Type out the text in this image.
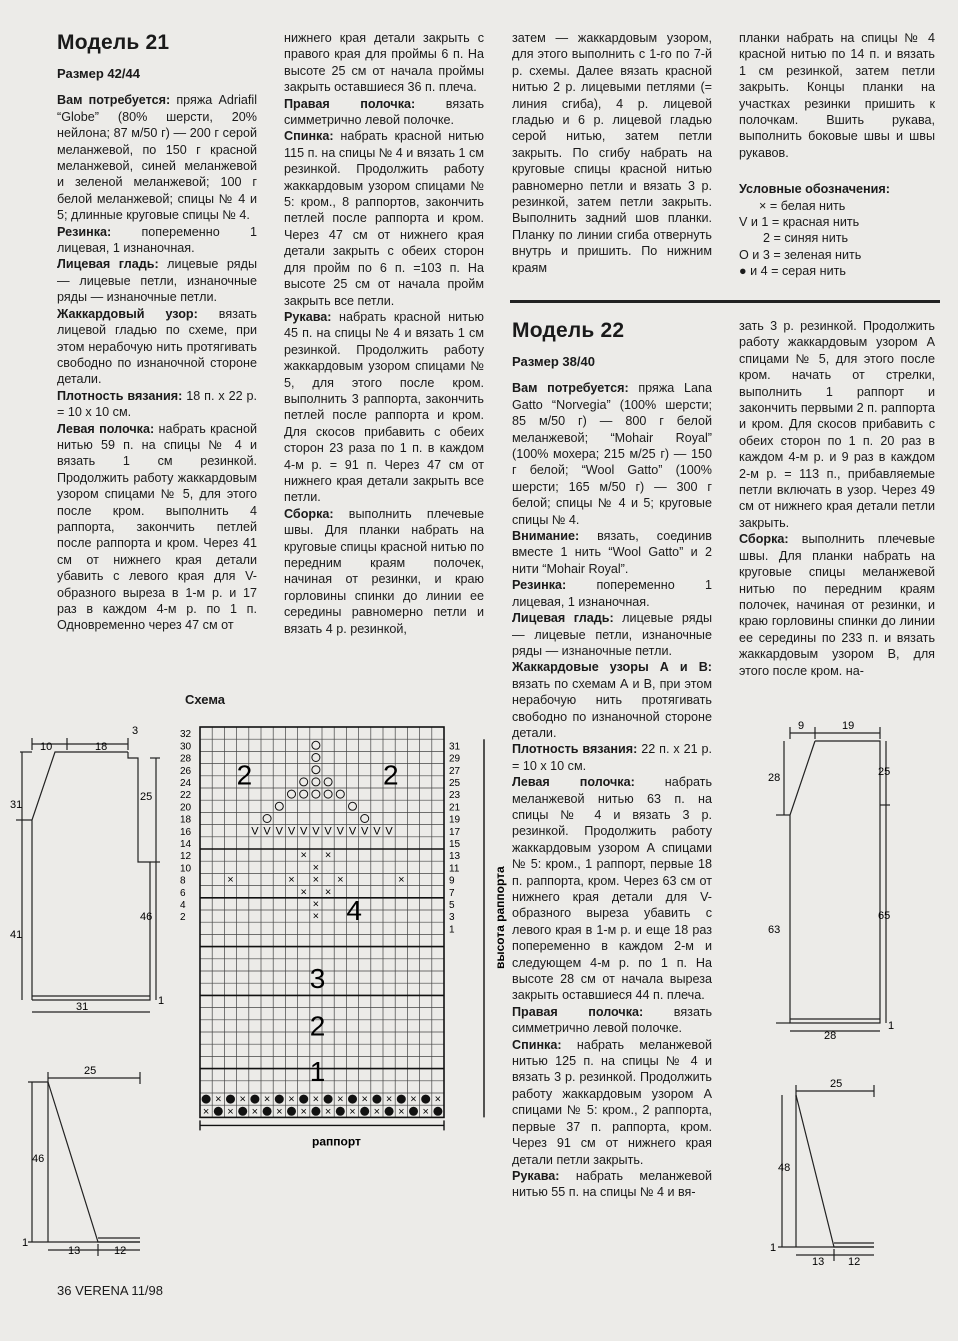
Модель 21
Размер 42/44

Вам потребуется: пряжа Adriafil “Globe” (80% шерсти, 20% нейлона; 87 м/50 г) — 200 г серой меланжевой, по 150 г красной меланжевой, синей меланжевой и зеленой меланжевой; 100 г белой меланжевой; спицы № 4 и 5; длинные круговые спицы № 4.

Резинка: попеременно 1 лицевая, 1 изнаночная.

Лицевая гладь: лицевые ряды — лицевые петли, изнаночные ряды — изнаночные петли.

Жаккардовый узор: вязать лицевой гладью по схеме, при этом нерабочую нить протягивать свободно по изнаночной стороне детали.

Плотность вязания: 18 п. х 22 р. = 10 х 10 см.

Левая полочка: набрать красной нитью 59 п. на спицы № 4 и вязать 1 см резинкой. Продолжить работу жаккардовым узором спицами № 5, для этого после кром. выполнить 4 раппорта, закончить петлей после раппорта и кром. Через 41 см от нижнего края детали убавить с левого края для V-образного выреза в 1-м р. и 17 раз в каждом 4-м р. по 1 п. Одновременно через 47 см от

нижнего края детали закрыть с правого края для проймы 6 п. На высоте 25 см от начала проймы закрыть оставшиеся 36 п. плеча.

Правая полочка: вязать симметрично левой полочке.

Спинка: набрать красной нитью 115 п. на спицы № 4 и вязать 1 см резинкой. Продолжить работу жаккардовым узором спицами № 5: кром., 8 раппортов, закончить петлей после раппорта и кром. Через 47 см от нижнего края детали закрыть с обеих сторон для пройм по 6 п. =103 п. На высоте 25 см от начала пройм закрыть все петли.

Рукава: набрать красной нитью 45 п. на спицы № 4 и вязать 1 см резинкой. Продолжить работу жаккардовым узором спицами № 5, для этого после кром. выполнить 3 раппорта, закончить петлей после раппорта и кром. Для скосов прибавить с обеих сторон 23 раза по 1 п. в каждом 4-м р. = 91 п. Через 47 см от нижнего края детали закрыть все петли.

Сборка: выполнить плечевые швы. Для планки набрать на круговые спицы красной нитью по передним краям полочек, начиная от резинки, и краю горловины спинки до линии ее середины равномерно петли и вязать 4 р. резинкой,

затем — жаккардовым узором, для этого выполнить с 1-го по 7-й р. схемы. Далее вязать красной нитью 2 р. лицевыми петлями (= линия сгиба), 4 р. лицевой гладью и 6 р. лицевой гладью серой нитью, затем петли закрыть. По сгибу набрать на круговые спицы красной нитью равномерно петли и вязать 3 р. резинкой, затем петли закрыть. Выполнить задний шов планки. Планку по линии сгиба отвернуть внутрь и пришить. По нижним краям

планки набрать на спицы № 4 красной нитью по 14 п. и вязать 1 см резинкой, затем петли закрыть. Концы планки на участках резинки пришить к полочкам. Вшить рукава, выполнить боковые швы и швы рукавов.

Условные обозначения:
× = белая нить
V и 1 = красная нить
2 = синяя нить
O и 3 = зеленая нить
● и 4 = серая нить
Модель 22
Размер 38/40

Вам потребуется: пряжа Lana Gatto “Norvegia” (100% шерсти; 85 м/50 г) — 800 г белой меланжевой; “Mohair Royal” (100% мохера; 215 м/25 г) — 150 г белой; “Wool Gatto” (100% шерсти; 165 м/50 г) — 300 г белой; спицы № 4 и 5; круговые спицы № 4.

Внимание: вязать, соединив вместе 1 нить “Wool Gatto” и 2 нити “Mohair Royal”.

Резинка: попеременно 1 лицевая, 1 изнаночная.

Лицевая гладь: лицевые ряды — лицевые петли, изнаночные ряды — изнаночные петли.

Жаккардовые узоры А и В: вязать по схемам А и В, при этом нерабочую нить протягивать свободно по изнаночной стороне детали.

Плотность вязания: 22 п. х 21 р. = 10 х 10 см.

Левая полочка: набрать меланжевой нитью 63 п. на спицы № 4 и вязать 3 р. резинкой. Продолжить работу жаккардовым узором А спицами № 5: кром., 1 раппорт, первые 18 п. раппорта, кром. Через 63 см от нижнего края детали для V-образного выреза убавить с левого края в 1-м р. и еще 18 раз попеременно в каждом 2-м и следующем 4-м р. по 1 п. На высоте 28 см от начала выреза закрыть оставшиеся 44 п. плеча.

Правая полочка: вязать симметрично левой полочке.

Спинка: набрать меланжевой нитью 125 п. на спицы № 4 и вязать 3 р. резинкой. Продолжить работу жаккардовым узором А спицами № 5: кром., 2 раппорта, первые 37 п. раппорта, кром. Через 91 см от нижнего края детали петли закрыть.

Рукава: набрать меланжевой нитью 55 п. на спицы № 4 и вя-

зать 3 р. резинкой. Продолжить работу жаккардовым узором А спицами № 5, для этого после кром. начать от стрелки, выполнить 1 раппорт и закончить первыми 2 п. раппорта и кром. Для скосов прибавить с обеих сторон по 1 п. 20 раз в каждом 4-м р. и 9 раз в каждом 2-м р. = 113 п., прибавляемые петли включать в узор. Через 49 см от нижнего края детали петли закрыть.

Сборка: выполнить плечевые швы. Для планки набрать на круговые спицы меланжевой нитью по передним краям полочек, начиная от резинки, и краю горловины спинки до линии ее середины по 233 п. и вязать жаккардовым узором В, для этого после кром. на-

10	18
3
31
25
41
46
31	1
25
46
13	12
1
Схема
32
30
28
26
24
22
20
18
16
14
12
10
8
6
4
2
31
29
27
25
23
21
19
17
15
13
11
9
7
5
3
1
×
×
×
×
×
×
×
×
×
×
×
×
×
×
×
×
×
×
×
×
V V V V V V V V V V V V
× ×
×
× × ×
× ×
×
×
×	×
2	2
4
3
2
1
раппорт
высота раппорта
9	19
28	25
65
63
28
1
25
48
13 12
1
36 VERENA 11/98
